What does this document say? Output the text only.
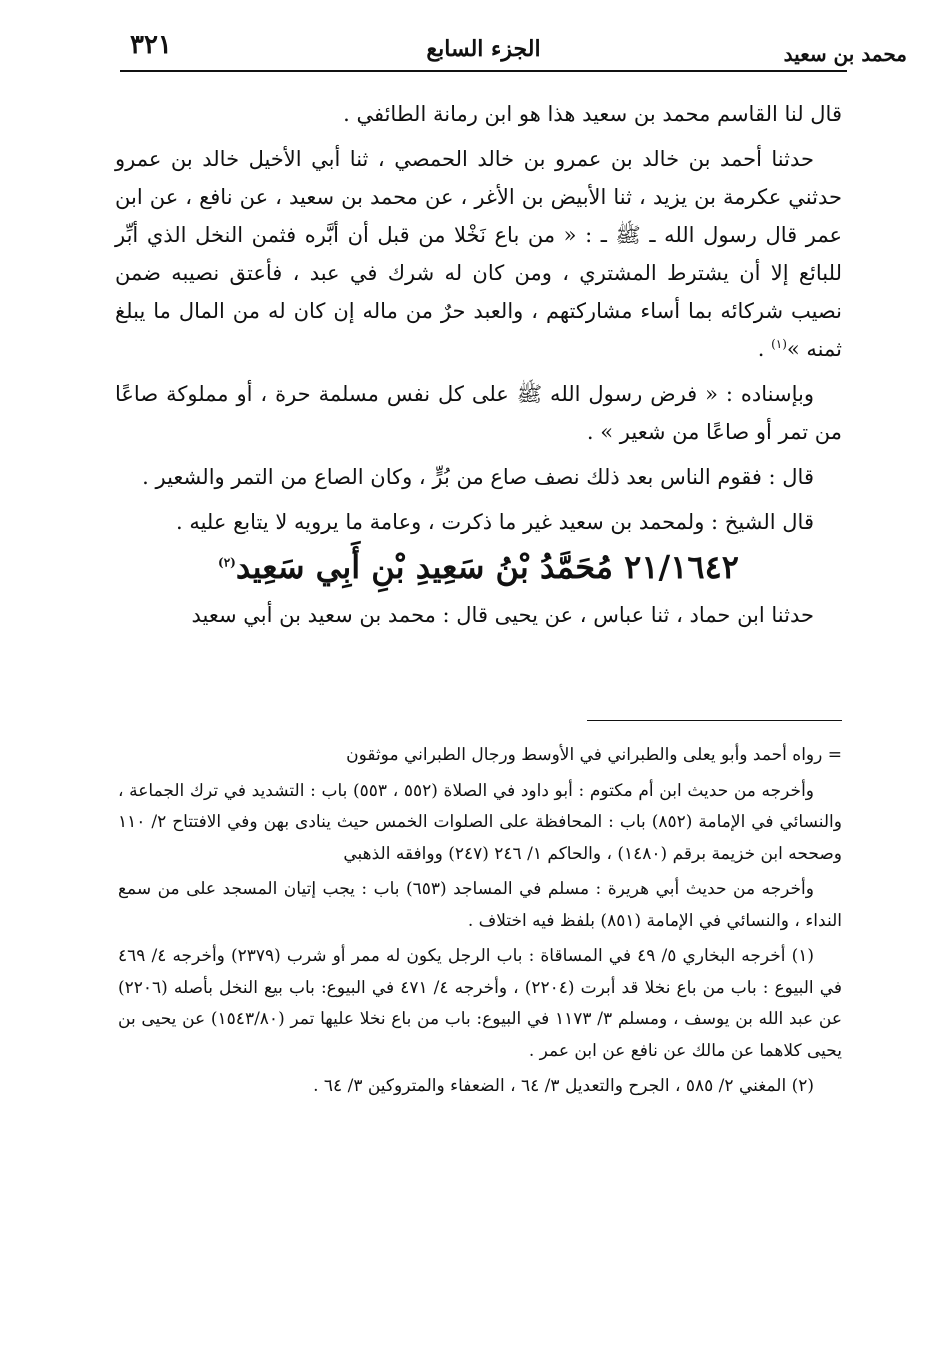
٣٢١	الجزء السابع	محمد بن سعيد

قال لنا القاسم محمد بن سعيد هذا هو ابن رمانة الطائفي .

حدثنا أحمد بن خالد بن عمرو بن خالد الحمصي ، ثنا أبي الأخيل خالد بن عمرو حدثني عكرمة بن يزيد ، ثنا الأبيض بن الأغر ، عن محمد بن سعيد ، عن نافع ، عن ابن عمر قال رسول الله ـ ﷺ ـ : « من باع نَخْلا من قبل أن أبَّره فثمن النخل الذي أبِّر للبائع إلا أن يشترط المشتري ، ومن كان له شرك في عبد ، فأعتق نصيبه ضمن نصيب شركائه بما أساء مشاركتهم ، والعبد حرٌ من ماله إن كان له من المال ما يبلغ ثمنه »$^{(١)}$ .

وبإسناده : « فرض رسول الله ﷺ على كل نفس مسلمة حرة ، أو مملوكة صاعًا من تمر أو صاعًا من شعير » .

قال : فقوم الناس بعد ذلك نصف صاع من بُرٍّ ، وكان الصاع من التمر والشعير .

قال الشيخ : ولمحمد بن سعيد غير ما ذكرت ، وعامة ما يرويه لا يتابع عليه .

٢١/١٦٤٢ مُحَمَّدُ بْنُ سَعِيدِ بْنِ أَبِي سَعِيد$^{(٢)}$

حدثنا ابن حماد ، ثنا عباس ، عن يحيى قال : محمد بن سعيد بن أبي سعيد

= رواه أحمد وأبو يعلى والطبراني في الأوسط ورجال الطبراني موثقون

وأخرجه من حديث ابن أم مكتوم : أبو داود في الصلاة (٥٥٢ ، ٥٥٣) باب : التشديد في ترك الجماعة ، والنسائي في الإمامة (٨٥٢) باب : المحافظة على الصلوات الخمس حيث ينادى بهن وفي الافتتاح ٢/ ١١٠ وصححه ابن خزيمة برقم (١٤٨٠) ، والحاكم ١/ ٢٤٦ (٢٤٧) ووافقه الذهبي

وأخرجه من حديث أبي هريرة : مسلم في المساجد (٦٥٣) باب : يجب إتيان المسجد على من سمع النداء ، والنسائي في الإمامة (٨٥١) بلفظ فيه اختلاف .

(١) أخرجه البخاري ٥/ ٤٩ في المساقاة : باب الرجل يكون له ممر أو شرب (٢٣٧٩) وأخرجه ٤/ ٤٦٩ في البيوع : باب من باع نخلا قد أبرت (٢٢٠٤) ، وأخرجه ٤/ ٤٧١ في البيوع: باب بيع النخل بأصله (٢٢٠٦) عن عبد الله بن يوسف ، ومسلم ٣/ ١١٧٣ في البيوع: باب من باع نخلا عليها تمر (١٥٤٣/٨٠) عن يحيى بن يحيى كلاهما عن مالك عن نافع عن ابن عمر .

(٢) المغني ٢/ ٥٨٥ ، الجرح والتعديل ٣/ ٦٤ ، الضعفاء والمتروكين ٣/ ٦٤ .
